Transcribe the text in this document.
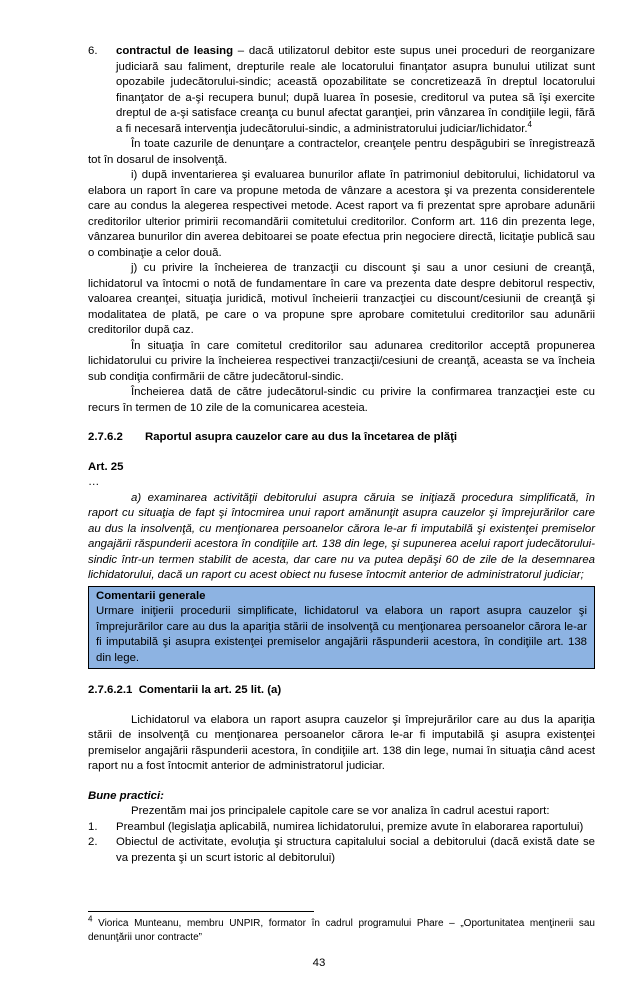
6. contractul de leasing – dacă utilizatorul debitor este supus unei proceduri de reorganizare judiciară sau faliment, drepturile reale ale locatorului finanţator asupra bunului utilizat sunt opozabile judecătorului-sindic; această opozabilitate se concretizează în dreptul locatorului finanţator de a-şi recupera bunul; după luarea în posesie, creditorul va putea să îşi exercite dreptul de a-şi satisface creanţa cu bunul afectat garanţiei, prin vânzarea în condiţiile legii, fără a fi necesară intervenţia judecătorului-sindic, a administratorului judiciar/lichidator.$^4$

În toate cazurile de denunţare a contractelor, creanţele pentru despăgubiri se înregistrează tot în dosarul de insolvenţă.

i) după inventarierea şi evaluarea bunurilor aflate în patrimoniul debitorului, lichidatorul va elabora un raport în care va propune metoda de vânzare a acestora şi va prezenta considerentele care au condus la alegerea respectivei metode. Acest raport va fi prezentat spre aprobare adunării creditorilor ulterior primirii recomandării comitetului creditorilor. Conform art. 116 din prezenta lege, vânzarea bunurilor din averea debitoarei se poate efectua prin negociere directă, licitaţie publică sau o combinaţie a celor două.

j) cu privire la încheierea de tranzacţii cu discount şi sau a unor cesiuni de creanţă, lichidatorul va întocmi o notă de fundamentare în care va prezenta date despre debitorul respectiv, valoarea creanţei, situaţia juridică, motivul încheierii tranzacţiei cu discount/cesiunii de creanţă şi modalitatea de plată, pe care o va propune spre aprobare comitetului creditorilor sau adunării creditorilor după caz.

În situaţia în care comitetul creditorilor sau adunarea creditorilor acceptă propunerea lichidatorului cu privire la încheierea respectivei tranzacţii/cesiuni de creanţă, aceasta se va încheia sub condiţia confirmării de către judecătorul-sindic.

Încheierea dată de către judecătorul-sindic cu privire la confirmarea tranzacţiei este cu recurs în termen de 10 zile de la comunicarea acesteia.

2.7.6.2	Raportul asupra cauzelor care au dus la încetarea de plăţi

Art. 25

…

a) examinarea activităţii debitorului asupra căruia se iniţiază procedura simplificată, în raport cu situaţia de fapt şi întocmirea unui raport amănunţit asupra cauzelor şi împrejurărilor care au dus la insolvenţă, cu menţionarea persoanelor cărora le-ar fi imputabilă şi existenţei premiselor angajării răspunderii acestora în condiţiile art. 138 din lege, şi supunerea acelui raport judecătorului-sindic într-un termen stabilit de acesta, dar care nu va putea depăşi 60 de zile de la desemnarea lichidatorului, dacă un raport cu acest obiect nu fusese întocmit anterior de administratorul judiciar;

Comentarii generale

Urmare iniţierii procedurii simplificate, lichidatorul va elabora un raport asupra cauzelor şi împrejurărilor care au dus la apariţia stării de insolvenţă cu menţionarea persoanelor cărora le-ar fi imputabilă şi asupra existenţei premiselor angajării răspunderii acestora, în condiţiile art. 138 din lege.

2.7.6.2.1 Comentarii la art. 25 lit. (a)

Lichidatorul va elabora un raport asupra cauzelor şi împrejurărilor care au dus la apariţia stării de insolvenţă cu menţionarea persoanelor cărora le-ar fi imputabilă şi asupra existenţei premiselor angajării răspunderii acestora, în condiţiile art. 138 din lege, numai în situaţia când acest raport nu a fost întocmit anterior de administratorul judiciar.

Bune practici:

Prezentăm mai jos principalele capitole care se vor analiza în cadrul acestui raport:

1. Preambul (legislaţia aplicabilă, numirea lichidatorului, premize avute în elaborarea raportului)

2. Obiectul de activitate, evoluţia şi structura capitalului social a debitorului (dacă există date se va prezenta şi un scurt istoric al debitorului)

$^4$ Viorica Munteanu, membru UNPIR, formator în cadrul programului Phare – „Oportunitatea menţinerii sau denunţării unor contracte”
43
